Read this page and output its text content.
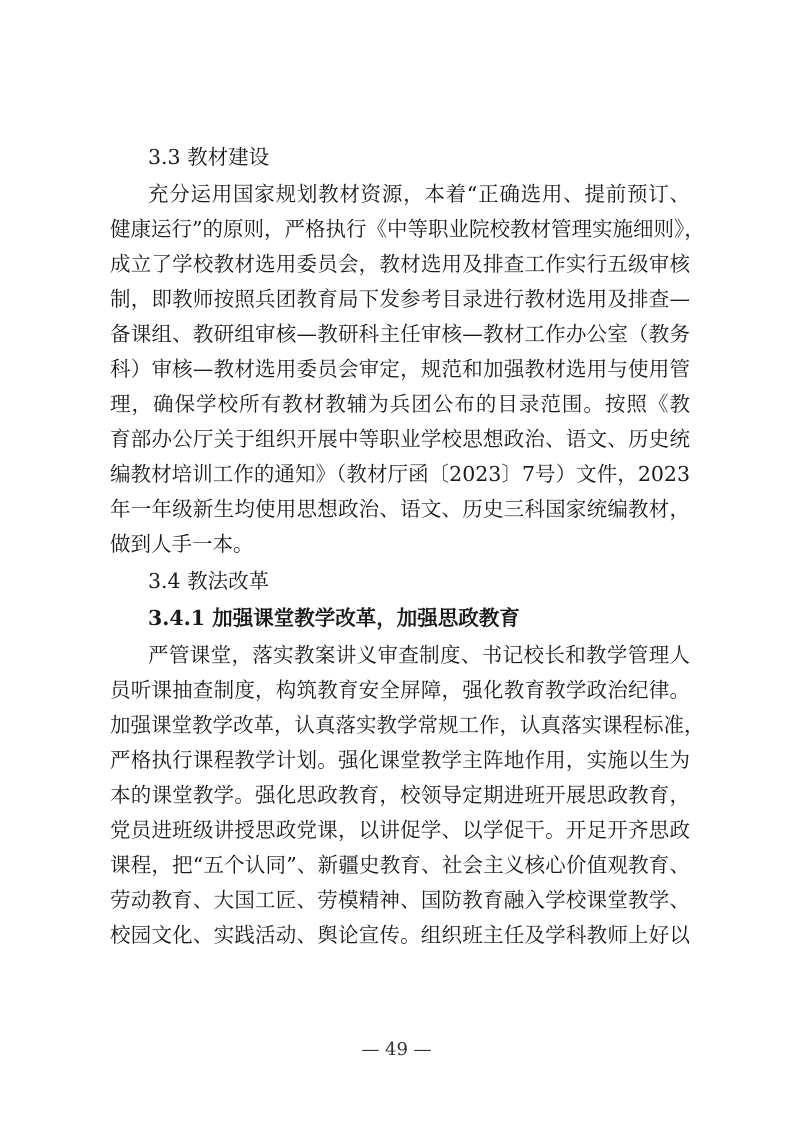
3.3 教材建设
充分运用国家规划教材资源，本着“正确选用、提前预订、
健康运行”的原则，严格执行《中等职业院校教材管理实施细则》，
成立了学校教材选用委员会，教材选用及排查工作实行五级审核
制，即教师按照兵团教育局下发参考目录进行教材选用及排查—
备课组、教研组审核—教研科主任审核—教材工作办公室（教务
科）审核—教材选用委员会审定，规范和加强教材选用与使用管
理，确保学校所有教材教辅为兵团公布的目录范围。按照《教
育部办公厅关于组织开展中等职业学校思想政治、语文、历史统
编教材培训工作的通知》（教材厅函〔2023〕7号）文件，2023
年一年级新生均使用思想政治、语文、历史三科国家统编教材，
做到人手一本。
3.4 教法改革
3.4.1 加强课堂教学改革，加强思政教育
严管课堂，落实教案讲义审查制度、书记校长和教学管理人
员听课抽查制度，构筑教育安全屏障，强化教育教学政治纪律。
加强课堂教学改革，认真落实教学常规工作，认真落实课程标准，
严格执行课程教学计划。强化课堂教学主阵地作用，实施以生为
本的课堂教学。强化思政教育，校领导定期进班开展思政教育，
党员进班级讲授思政党课，以讲促学、以学促干。开足开齐思政
课程，把“五个认同”、新疆史教育、社会主义核心价值观教育、
劳动教育、大国工匠、劳模精神、国防教育融入学校课堂教学、
校园文化、实践活动、舆论宣传。组织班主任及学科教师上好以
— 49 —
